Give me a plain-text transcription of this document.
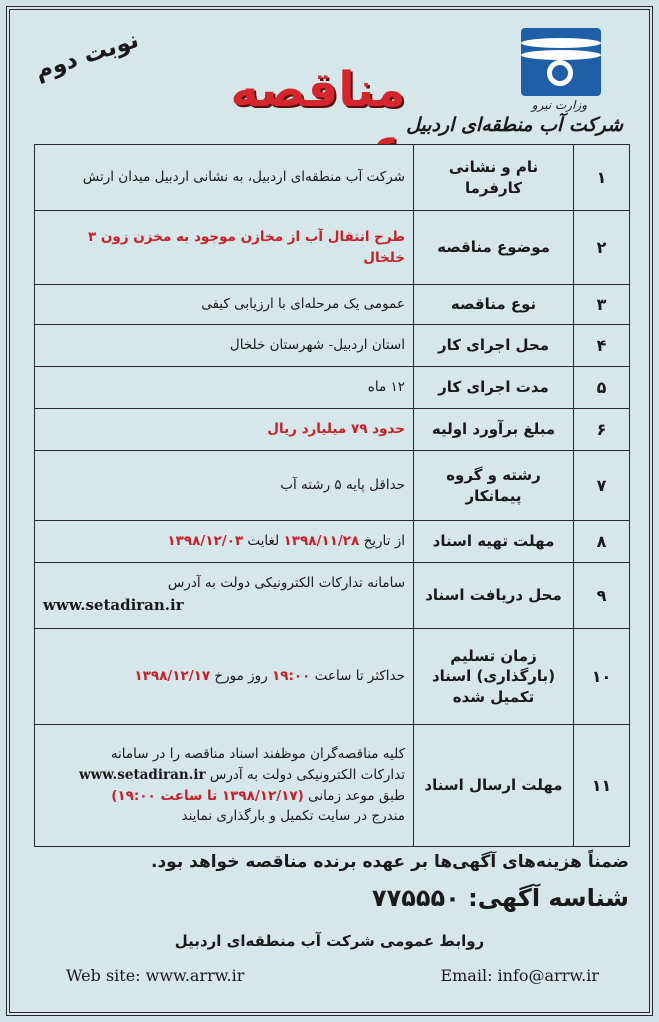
وزارت نیرو
شرکت آب منطقه‌ای اردبیل
مناقصه
نوبت دوم
۱	نام و نشانی کارفرما	شرکت آب منطقه‌ای اردبیل، به نشانی اردبیل میدان ارتش
۲	موضوع مناقصه	طرح انتقال آب از مخازن موجود به مخزن زون ۳ خلخال
۳	نوع مناقصه	عمومی یک مرحله‌ای با ارزیابی کیفی
۴	محل اجرای کار	استان اردبیل- شهرستان خلخال
۵	مدت اجرای کار	۱۲ ماه
۶	مبلغ برآورد اولیه	حدود ۷۹ میلیارد ریال
۷	رشته و گروه پیمانکار	حداقل پایه ۵ رشته آب
۸	مهلت تهیه اسناد	از تاریخ ۱۳۹۸/۱۱/۲۸ لغایت ۱۳۹۸/۱۲/۰۳
۹	محل دریافت اسناد	سامانه تدارکات الکترونیکی دولت به آدرس
www.setadiran.ir

۱۰	زمان تسلیم (بارگذاری) اسناد تکمیل شده	حداکثر تا ساعت ۱۹:۰۰ روز مورخ ۱۳۹۸/۱۲/۱۷
۱۱	مهلت ارسال اسناد	کلیه مناقصه‌گران موظفند اسناد مناقصه را در سامانه
تدارکات الکترونیکی دولت به آدرس www.setadiran.ir
طبق موعد زمانی (۱۳۹۸/۱۲/۱۷ تا ساعت ۱۹:۰۰)
مندرج در سایت تکمیل و بارگذاری نمایند
ضمناً هزینه‌های آگهی‌ها بر عهده برنده مناقصه خواهد بود.
شناسه آگهی: ۷۷۵۵۵۰
روابط عمومی شرکت آب منطقه‌ای اردبیل
Web site: www.arrw.ir	Email: info@arrw.ir
